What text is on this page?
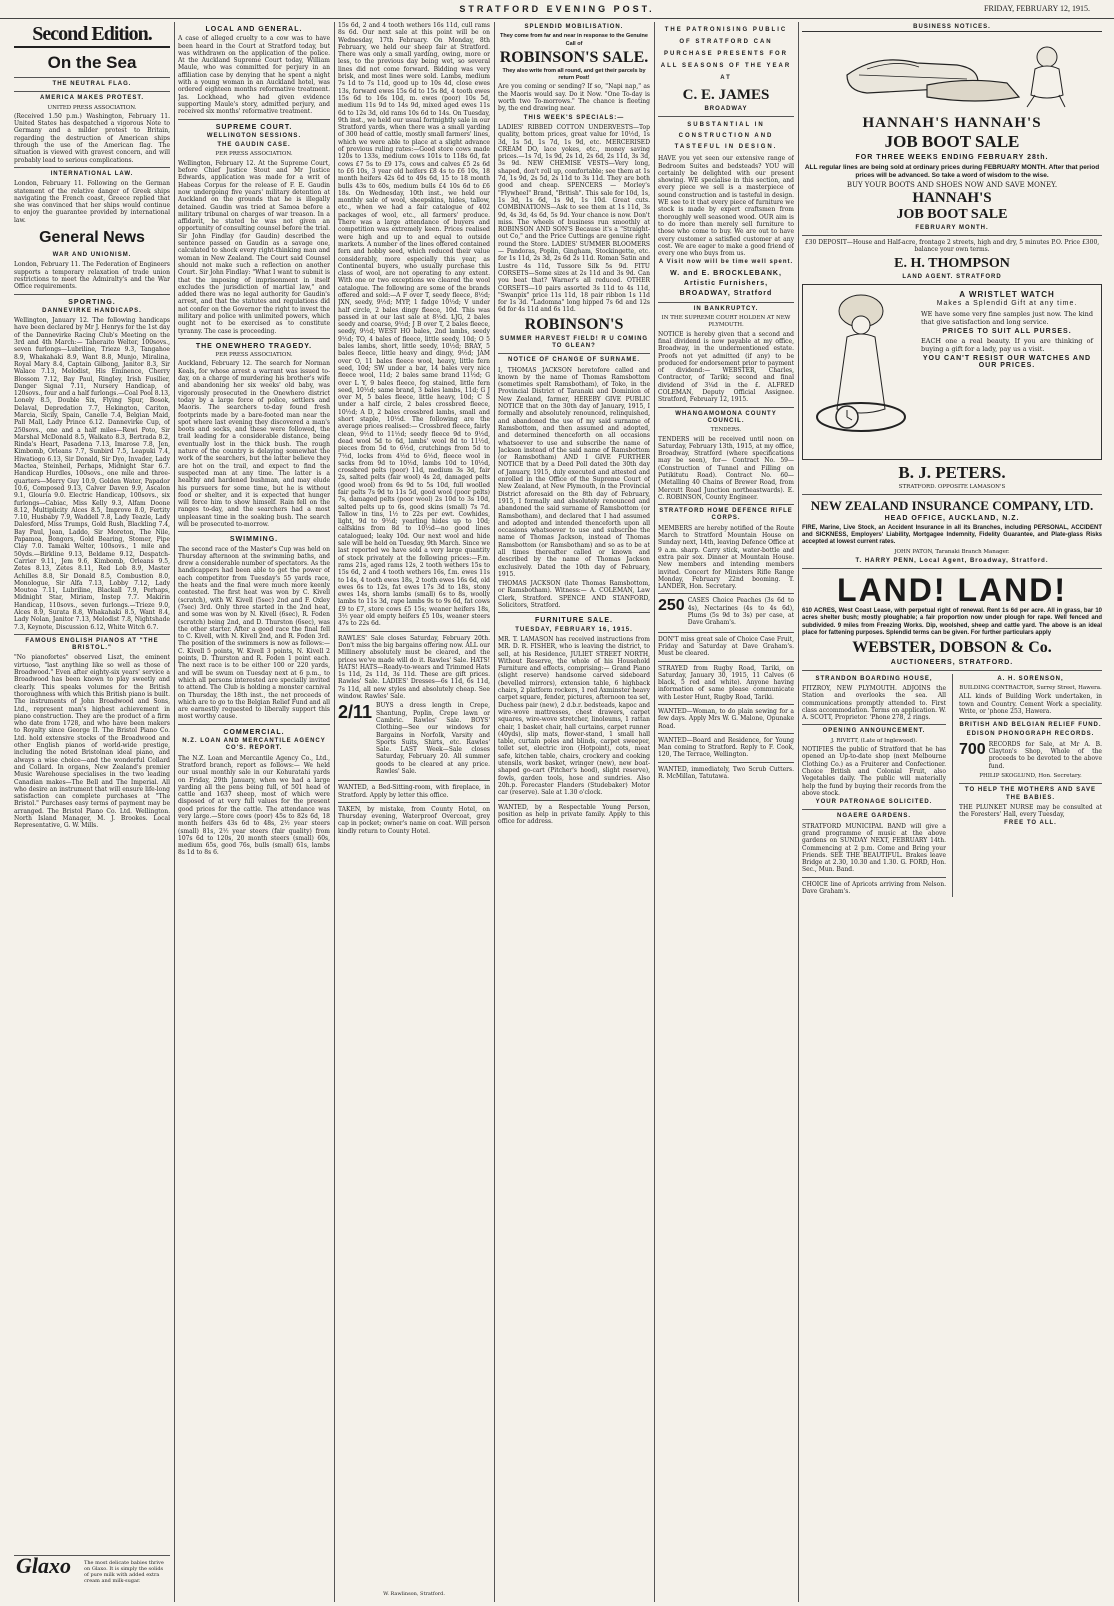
STRATFORD EVENING POST.	FRIDAY, FEBRUARY 12, 1915.
Second Edition.
On the Sea
THE NEUTRAL FLAG.
AMERICA MAKES PROTEST.
UNITED PRESS ASSOCIATION.

(Received 1.50 p.m.) Washington, February 11. United States has despatched a vigorous Note to Germany and a milder protest to Britain, regarding the destruction of American ships through the use of the American flag. The situation is viewed with gravest concern, and will probably lead to serious complications.

INTERNATIONAL LAW.

London, February 11. Following on the German statement of the relative danger of Greek ships navigating the French coast, Greece replied that she was convinced that her ships would continue to enjoy the guarantee provided by international law.

General News
WAR AND UNIONISM.

London, February 11. The Federation of Engineers supports a temporary relaxation of trade union restrictions to meet the Admiralty's and the War Office requirements.

SPORTING.
DANNEVIRKE HANDICAPS.

Wellington, January 12. The following handicaps have been declared by Mr J. Henrys for the 1st day of the Dannevirke Racing Club's Meeting on the 3rd and 4th March:— Taheraito Welter, 100sovs., seven furlongs—Lubriline, Trieze 9.3, Tangahoe 8.9, Whakahaki 8.9, Want 8.8, Munjo, Miralina, Royal Mary 8.4, Captain Gilbong, Janitor 8.3, Sir Walace 7.13, Melodist, His Eminence, Cherry Blossom 7.12, Bay Paul, Ringley, Irish Fusilier, Danger Signal 7.11, Nursery Handicap, of 120sovs., four and a half furlongs.—Coal Pool 8.13, Lonely 8.5, Double Six, Flying Spur, Bosok, Delaval, Depredation 7.7, Hekington, Cariton, Marcia, Sicily, Spain, Canelle 7.4, Belgian Maid, Pall Mall, Lady Prince 6.12. Dannevirke Cup, of 250sovs., one and a half miles—Rewi Poto, Sir Marshal McDonald 8.5, Waikato 8.3, Bertrada 8.2, Rinda's Heart, Pasadena 7.13, Imarose 7.8, Jen, Kimbomb, Orleans 7.7, Sunbird 7.5, Leapuki 7.4, Hiwatiogo 6.13, Sir Donald, Sir Dyo, Invader, Lady Mactea, Steinheil, Perhaps, Midnight Star 6.7. Handicap Hurdles, 100sovs., one mile and three-quarters—Merry Guy 10.9, Golden Water, Papador 10.6, Composed 9.13, Calver Daven 9.9, Ascalon 9.1, Glouria 9.0. Electric Handicap, 100sovs., six furlongs—Cabiac, Miss Kelly 9.3, Alfam Doone 8.12, Multiplicity Alces 8.5, Improve 8.0, Fertity 7.10, Husbaby 7.9, Waddell 7.8, Lady Teazle, Lady Dalesford, Miss Trumps, Gold Rush, Blackling 7.4, Bay Paul, Jean, Laddo, Sir Moreton, The Nile, Papamoa, Bongors, Gold Bearing, Stomer, Pipe Clay 7.0. Tamaki Welter, 100sovs., 1 mile and 50yds.—Birkline 9.13, Beldame 9.12, Despatch-Carrier 9.11, Jem 9.6, Kimbomb, Orleans 9.5, Zetes 8.13, Zetes 8.11, Red Lob 8.9, Master Achilles 8.8, Sir Donald 8.5, Combustion 8.0, Monologue, Sir Alfa 7.13, Lobby 7.12, Lady Moutoa 7.11, Lubriline, Blackall 7.9, Perhaps, Midnight Star, Miriam, Instep 7.7. Makirin Handicap, 110sovs., seven furlongs.—Trieze 9.0, Alces 8.9, Surata 8.8, Whakahaki 8.5, Want 8.4, Lady Nolan, Janitor 7.13, Melodist 7.8, Nightshade 7.3, Keynote, Discussion 6.12, White Witch 6.7.

FAMOUS ENGLISH PIANOS AT "THE BRISTOL."

"No pianofortes" observed Liszt, the eminent virtuoso, "last anything like so well as those of Broadwood." Even after eighty-six years' service a Broadwood has been known to play sweetly and clearly. This speaks volumes for the British thoroughness with which this British piano is built. The instruments of John Broadwood and Sons, Ltd., represent man's highest achievement in piano construction. They are the product of a firm who date from 1728, and who have been makers to Royalty since George II. The Bristol Piano Co. Ltd. hold extensive stocks of the Broadwood and other English pianos of world-wide prestige, including the noted Bristolnan ideal piano, and always a wise choice—and the wonderful Collard and Collard. In organs, New Zealand's premier Music Warehouse specialises in the two leading Canadian makes—The Bell and The Imperial. All who desire an instrument that will ensure life-long satisfaction can complete purchases at "The Bristol." Purchases easy terms of payment may be arranged. The Bristol Piano Co. Ltd. Wellington. North Island Manager, M. J. Brookes. Local Representative, G. W. Mills.

Glaxo	The most delicate babies thrive on Glaxo. It is simply the solids of pure milk with added extra cream and milk-sugar.
LOCAL AND GENERAL.

A case of alleged cruelty to a cow was to have been heard in the Court at Stratford today, but was withdrawn on the application of the police. At the Auckland Supreme Court today, William Maule, who was committed for perjury in an affiliation case by denying that he spent a night with a young woman in an Auckland hotel, was ordered eighteen months reformative treatment. Jas. Lockhead, who had given evidence supporting Maule's story, admitted perjury, and received six months' reformative treatment.

SUPREME COURT.
WELLINGTON SESSIONS.
THE GAUDIN CASE.
PER PRESS ASSOCIATION.

Wellington, February 12. At the Supreme Court, before Chief Justice Stout and Mr Justice Edwards, application was made for a writ of Habeas Corpus for the release of F. E. Gaudin now undergoing five years' military detention at Auckland on the grounds that he is illegally detained. Gaudin was tried at Samoa before a military tribunal on charges of war treason. In a affidavit, he stated he was not given an opportunity of consulting counsel before the trial. Sir John Findlay (for Gaudin) described the sentence passed on Gaudin as a savage one, calculated to shock every right-thinking man and woman in New Zealand. The Court said Counsel should not make such a reflection on another Court. Sir John Findlay: "What I want to submit is that the imposing of imprisonment in itself excludes the jurisdiction of martial law," and added there was no legal authority for Gaudin's arrest, and that the statutes and regulations did not confer on the Governor the right to invest the military and police with unlimited powers, which ought not to be exercised as to constitute tyranny. The case is proceeding.

THE ONEWHERO TRAGEDY.
PER PRESS ASSOCIATION.

Auckland, February 12. The search for Norman Keals, for whose arrest a warrant was issued to-day, on a charge of murdering his brother's wife and abandoning her six weeks' old baby, was vigorously prosecuted in the Onewhero district today by a large force of police, settlers and Maoris. The searchers to-day found fresh footprints made by a bare-footed man near the spot where last evening they discovered a man's boots and socks, and these were followed, the trail leading for a considerable distance, being eventually lost in the thick bush. The rough nature of the country is delaying somewhat the work of the searchers, but the latter believe they are hot on the trail, and expect to find the suspected man at any time. The latter is a healthy and hardened bushman, and may elude his pursuers for some time, but he is without food or shelter, and it is expected that hunger will force him to show himself. Rain fell on the ranges to-day, and the searchers had a most unpleasant time in the soaking bush. The search will be prosecuted to-morrow.

SWIMMING.

The second race of the Master's Cup was held on Thursday afternoon at the swimming baths, and drew a considerable number of spectators. As the handicappers had been able to get the power of each competitor from Tuesday's 55 yards race, the heats and the final were much more keenly contested. The first heat was won by C. Kivell (scratch), with W. Kivell (5sec) 2nd and F. Oxley (7sec) 3rd. Only three started in the 2nd heat, and some was won by N. Kivell (6sec), R. Foden (scratch) being 2nd, and D. Thurston (6sec), was the other starter. After a good race the final fell to C. Kivell, with N. Kivell 2nd, and R. Foden 3rd. The position of the swimmers is now as follows:—C. Kivell 5 points, W. Kivell 3 points, N. Kivell 2 points, D. Thurston and R. Foden 1 point each. The next race is to be either 100 or 220 yards, and will be swum on Tuesday next at 6 p.m., to which all persons interested are specially invited to attend. The Club is holding a monster carnival on Thursday, the 18th inst., the net proceeds of which are to go to the Belgian Relief Fund and all are earnestly requested to liberally support this most worthy cause.

COMMERCIAL.
N.Z. LOAN AND MERCANTILE AGENCY CO'S. REPORT.

The N.Z. Loan and Mercantile Agency Co., Ltd., Stratford branch, report as follows:— We held our usual monthly sale in our Kohuratahi yards on Friday, 29th January, when we had a large yarding all the pens being full, of 501 head of cattle and 1637 sheep, most of which were disposed of at very full values for the present good prices for the cattle. The attendance was very large.—Store cows (poor) 45s to 82s 6d, 18 month heifers 43s 6d to 48s, 2½ year steers (small) 81s, 2½ year steers (fair quality) from 107s 6d to 120s, 20 month steers (small) 60s, medium 65s, good 76s, bulls (small) 61s, lambs 8s 1d to 8s 6.

15s 6d, 2 and 4 tooth wethers 16s 11d, cull rams 8s 6d. Our next sale at this point will be on Wednesday, 17th February. On Monday, 8th February, we held our sheep fair at Stratford. There was only a small yarding, owing, more or less, to the previous day being wet, so several lines did not come forward. Bidding was very brisk, and most lines were sold. Lambs, medium 7s 1d to 7s 11d, good up to 10s 4d, close ewes 13s, forward ewes 15s 6d to 15s 8d, 4 tooth ewes 15s 6d to 16s 10d, m. ewes (poor) 10s 5d, medium 11s 9d to 14s 9d, mixed aged ewes 11s 6d to 12s 3d, old rams 10s 6d to 14s. On Tuesday, 9th inst., we held our usual fortnightly sale in our Stratford yards, when there was a small yarding of 300 head of cattle, mostly small farmers' lines, which we were able to place at a slight advance of previous ruling rates:—Good store cows made 120s to 133s, medium cows 101s to 118s 6d, fat cows £7 5s to £9 17s, cows and calves £5 2s 6d to £6 10s, 3 year old heifers £8 4s to £6 10s, 18 month heifers 42s 6d to 49s 6d, 15 to 18 month bulls 43s to 60s, medium bulls £4 10s 6d to £6 18s. On Wednesday, 10th inst., we held our monthly sale of wool, sheepskins, hides, tallow, etc., when we had a fair catalogue of 402 packages of wool, etc., all farmers' produce. There was a large attendance of buyers and competition was extremely keen. Prices realised were high and up to and equal to outside markets. A number of the lines offered contained fern and hobby seed, which reduced their value considerably, more especially this year, as Continental buyers, who usually purchase this class of wool, are not operating to any extent. With one or two exceptions we cleared the wool catalogue. The following are some of the brands offered and sold:—A F over T, seedy fleece, 8½d; JXN, seedy, 9½d; MYP, 1 fadge 10½d; V under half circle, 2 bales dingy fleece, 10d. This was passed in at our last sale at 8½d. LJG, 2 bales seedy and coarse, 9½d; J B over T, 2 bales fleece, seedy, 9½d; WEST HO bales, 2nd lambs, seedy 9½d; TO, 4 bales of fleece, little seedy, 10d; O 5 bales lambs, short, little seedy, 10½d; BRAY, 5 bales fleece, little heavy and dingy, 9½d; JAM over O, 11 bales fleece wool, heavy, little fern seed, 10d; SW under a bar, 14 bales very nice fleece wool, 11d; 2 bales same brand 11½d; G over L Y, 9 bales fleece, fog stained, little fern seed, 10½d; same brand, 3 bales lambs, 11d; G J over M, 5 bales fleece, little heavy, 10d; C S under a half circle, 2 bales crossbred fleece, 10½d; A D, 2 bales crossbred lambs, small and short staple, 10½d. The following are the average prices realised:— Crossbred fleece, fairly clean, 9½d to 11½d; seedy fleece 9d to 9½d, dead wool 5d to 6d, lambs' wool 8d to 11½d, pieces from 5d to 6½d, crutchings from 5d to 7½d, locks from 4½d to 6½d, fleece wool in sacks from 9d to 10½d, lambs 10d to 10½d, crossbred pelts (poor) 11d, medium 3s 3d, fair 2s, salted pelts (fair wool) 4s 2d, damaged pelts (good wool) from 6s 9d to 5s 10d, full woolled fair pelts 7s 9d to 11s 5d, good wool (poor pelts) 7s, damaged pelts (poor wool) 2s 10d to 3s 10d, salted pelts up to 6s, good skins (small) 7s 7d. Tallow in tins, 1½ to 22s per ewt. Cowhides, light, 9d to 9½d; yearling hides up to 10d; calfskins from 8d to 10½d—no good lines catalogued; leaky 10d. Our next wool and hide sale will be held on Tuesday, 9th March. Since we last reported we have sold a very large quantity of stock privately at the following prices:—F.m. rams 21s, aged rams 12s, 2 tooth wethers 15s to 15s 6d, 2 and 4 tooth wethers 16s, f.m. ewes 11s to 14s, 4 tooth ewes 18s, 2 tooth ewes 16s 6d, old ewes 6s to 12s, fat ewes 17s 3d to 18s, stony ewes 14s, shorn lambs (small) 6s to 8s, woolly lambs to 11s 3d, rape lambs 9s to 9s 6d, fat cows £9 to £7, store cows £5 15s; weaner heifers 18s, 3½ year old empty heifers £5 10s, weaner steers 47s to 22s 6d.

RAWLES' Sale closes Saturday, February 20th. Don't miss the big bargains offering now. ALL our Millinery absolutely must be cleared, and the prices we've made will do it. Rawles' Sale. HATS! HATS! HATS—Ready-to-wears and Trimmed Hats 1s 11d, 2s 11d, 3s 11d. These are gift prices. Rawles' Sale. LADIES' Dresses—6s 11d, 6s 11d, 7s 11d, all new styles and absolutely cheap. See window. Rawles' Sale.

2/11 BUYS a dress length in Crepe, Shantung, Poplin, Crepe lawn or Cambric. Rawles' Sale. BOYS' Clothing—See our windows for Bargains in Norfolk, Varsity and Sports Suits, Shirts, etc. Rawles' Sale. LAST Week—Sale closes Saturday, February 20. All summer goods to be cleared at any price. Rawles' Sale.

WANTED, a Bed-Sitting-room, with fireplace, in Stratford. Apply by letter this office.

TAKEN, by mistake, from County Hotel, on Thursday evening, Waterproof Overcoat, grey cap in pocket; owner's name on coat. Will person kindly return to County Hotel.

W. Rawlinson, Stratford.
SPLENDID MOBILISATION.
They come from far and near in response to the Genuine Call of
ROBINSON'S SALE.
They also write from all round, and get their parcels by return Post!

Are you coming or sending? If so, "Napi nap," as the Maoris would say. Do it Now. "One To-day is worth two To-morrows." The chance is fleeting by, the end drawing near.

THIS WEEK'S SPECIALS:—

LADIES' RIBBED COTTON UNDERVESTS—Top quality, bottom prices, great value for 10½d, 1s 3d, 1s 5d, 1s 7d, 1s 9d, etc. MERCERISED CREAM DO, lace yokes, etc., money saving prices.—1s 7d, 1s 9d, 2s 1d, 2s 6d, 2s 11d, 3s 3d, 3s 9d. NEW CHEMISE VESTS—Very long, shaped, don't roll up, comfortable; see them at 1s 7d, 1s 9d, 2s 5d, 2s 11d to 3s 11d. They are both good and cheap. SPENCERS — Morley's "Flywheel" Brand, "British". This sale for 10d, 1s, 1s 3d, 1s 6d, 1s 9d, 1s 10d. Great cuts. COMBINATIONS—Ask to see them at 1s 11d, 3s 9d, 4s 3d, 4s 6d, 5s 9d. Your chance is now. Don't miss. The wheels of business run smoothly at ROBINSON AND SON'S Because it's a "Straight-out Co," and the Price Cuttings are genuine right round the Store. LADIES' SUMMER BLOOMERS— Pandoras, Poplin, Gingham, Stockingette, etc. for 1s 11d, 2s 3d, 2s 6d 2s 11d. Roman Satin and Lustre 4s 11d, Tussore Silk 5s 9d. FITU CORSETS—Some sizes at 2s 11d and 3s 9d. Can you beat that? Warner's all reduced. OTHER CORSETS—10 pairs assorted 3s 11d to 4s 11d, "Swanpix" price 11s 11d, 18 pair ribbon 1s 11d for 1s 3d. "Ladomna" long hipped 7s 6d and 12s 6d for 4s 11d and 6s 11d.

ROBINSON'S
SUMMER HARVEST FIELD! R U COMING TO GLEAN?
NOTICE OF CHANGE OF SURNAME.

I, THOMAS JACKSON heretofore called and known by the name of Thomas Ramsbottom (sometimes spelt Ramsbotham), of Toko, in the Provincial District of Taranaki and Dominion of New Zealand, farmer, HEREBY GIVE PUBLIC NOTICE that on the 30th day of January, 1915, I formally and absolutely renounced, relinquished, and abandoned the use of my said surname of Ramsbottom, and then assumed and adopted, and determined thenceforth on all occasions whatsoever to use and subscribe the name of Jackson instead of the said name of Ramsbottom (or Ramsbotham) AND I GIVE FURTHER NOTICE that by a Deed Poll dated the 30th day of January, 1915, duly executed and attested and enrolled in the Office of the Supreme Court of New Zealand, at New Plymouth, in the Provincial District aforesaid on the 8th day of February, 1915, I formally and absolutely renounced and abandoned the said surname of Ramsbottom (or Ramsbotham), and declared that I had assumed and adopted and intended thenceforth upon all occasions whatsoever to use and subscribe the name of Thomas Jackson, instead of Thomas Ramsbottom (or Ramsbotham) and so as to be at all times thereafter called or known and described by the name of Thomas Jackson exclusively. Dated the 10th day of February, 1915.

THOMAS JACKSON (late Thomas Ramsbottom, or Ramsbotham). Witness:— A. COLEMAN, Law Clerk, Stratford. SPENCE AND STANFORD, Solicitors, Stratford.

FURNITURE SALE.
TUESDAY, FEBRUARY 16, 1915.

MR. T. LAMASON has received instructions from MR. D. R. FISHER, who is leaving the district, to sell, at his Residence, JULIET STREET NORTH, Without Reserve, the whole of his Household Furniture and effects, comprising:— Grand Piano (slight reserve) handsome carved sideboard (bevelled mirrors), extension table, 6 highback chairs, 2 platform rockers, 1 red Axminster heavy carpet square, fender, pictures, afternoon tea set, Duchess pair (new), 2 d.b.r. bedsteads, kapoc and wire-wove mattresses, chest drawers, carpet squares, wire-wove stretcher, linoleums, 1 rattan chair, 1 basket chair, hall curtains, carpet runner (40yds), slip mats, flower-stand, 1 small hall table, curtain poles and blinds, carpet sweeper, toilet set, electric iron (Hotpoint), cots, meat safe, kitchen table, chairs, crockery and cooking utensils, work basket, wringer (new), new boat-shaped go-cart (Pitcher's hood), slight reserve), fowls, garden tools, hose and sundries. Also 20h.p. Forecaster Flanders (Studebaker) Motor car (reserve). Sale at 1.30 o'clock.

WANTED, by a Respectable Young Person, position as help in private family. Apply to this office for address.

THE PATRONISING PUBLIC OF STRATFORD CAN PURCHASE PRESENTS FOR ALL SEASONS OF THE YEAR AT
C. E. JAMES
BROADWAY
SUBSTANTIAL IN CONSTRUCTION AND TASTEFUL IN DESIGN.

HAVE you yet seen our extensive range of Bedroom Suites and bedsteads? YOU will certainly be delighted with our present showing. WE specialise in this section, and every piece we sell is a masterpiece of sound construction and is tasteful in design. WE see to it that every piece of furniture we stock is made by expert craftsmen from thoroughly well seasoned wood. OUR aim is to do more than merely sell furniture to those who come to buy. We are out to have every customer a satisfied customer at any cost. We are eager to make a good friend of every one who buys from us.

A Visit now will be time well spent.
W. and E. BROCKLEBANK, Artistic Furnishers, BROADWAY, Stratford
IN BANKRUPTCY.
IN THE SUPREME COURT HOLDEN AT NEW PLYMOUTH.

NOTICE is hereby given that a second and final dividend is now payable at my office, Broadway, in the undermentioned estate. Proofs not yet admitted (if any) to be produced for endorsement prior to payment of dividend:— WEBSTER, Charles, Contractor, of Tariki; second and final dividend of 3¼d in the £. ALFRED COLEMAN, Deputy Official Assignee. Stratford, February 12, 1915.

WHANGAMOMONA COUNTY COUNCIL.
TENDERS.

TENDERS will be received until noon on Saturday, February 13th, 1915, at my office, Broadway, Stratford (where specifications may be seen), for— Contract No. 59—(Construction of Tunnel and Filling on Putikitutu Road). Contract No. 60—(Metalling 40 Chains of Brewer Road, from Mercutt Road Junction northeastwards). E. C. ROBINSON, County Engineer.

STRATFORD HOME DEFENCE RIFLE CORPS.

MEMBERS are hereby notified of the Route March to Stratford Mountain House on Sunday next, 14th, leaving Defence Office at 9 a.m. sharp. Carry stick, water-bottle and extra pair sox. Dinner at Mountain House. New members and intending members invited. Concert for Ministers Rifle Range Monday, February 22nd booming. T. LANDER, Hon. Secretary.

250 CASES Choice Peaches (3s 6d to 4s), Nectarines (4s to 4s 6d), Plums (5s 9d to 3s) per case, at Dave Graham's.

DON'T miss great sale of Choice Case Fruit, Friday and Saturday at Dave Graham's. Must be cleared.

STRAYED from Rugby Road, Tariki, on Saturday, January 30, 1915, 11 Calves (6 black, 5 red and white). Anyone having information of same please communicate with Lester Hunt, Rugby Road, Tariki.

WANTED—Woman, to do plain sewing for a few days. Apply Mrs W. G. Malone, Opunake Road.

WANTED—Board and Residence, for Young Man coming to Stratford. Reply to F. Cook, 120, The Terrace, Wellington.

WANTED, immediately, Two Scrub Cutters. R. McMillan, Tatutawa.

BUSINESS NOTICES.
HANNAH'S HANNAH'S
JOB BOOT SALE
FOR THREE WEEKS ENDING FEBRUARY 28th.

ALL regular lines are being sold at ordinary prices during FEBRUARY MONTH. After that period prices will be advanced. So take a word of wisdom to the wise.

BUY YOUR BOOTS AND SHOES NOW AND SAVE MONEY.
HANNAH'S
JOB BOOT SALE
FEBRUARY MONTH.

£30 DEPOSIT—House and Half-acre, frontage 2 streets, high and dry, 5 minutes P.O. Price £300, balance your own terms.

E. H. THOMPSON
LAND AGENT. STRATFORD
A WRISTLET WATCH
Makes a Splendid Gift at any time.

WE have some very fine samples just now. The kind that give satisfaction and long service.

PRICES TO SUIT ALL PURSES.

EACH one a real beauty. If you are thinking of buying a gift for a lady, pay us a visit.

YOU CAN'T RESIST OUR WATCHES AND OUR PRICES.
B. J. PETERS.
STRATFORD. OPPOSITE LAMASON'S
NEW ZEALAND INSURANCE COMPANY, LTD.
HEAD OFFICE, AUCKLAND, N.Z.

FIRE, Marine, Live Stock, an Accident Insurance in all its Branches, including PERSONAL, ACCIDENT and SICKNESS, Employers' Liability, Mortgagee Indemnity, Fidelity Guarantee, and Plate-glass Risks accepted at lowest current rates.

JOHN PATON, Taranaki Branch Manager.
T. HARRY PENN, Local Agent, Broadway, Stratford.
LAND! LAND!

610 ACRES, West Coast Lease, with perpetual right of renewal. Rent 1s 6d per acre. All in grass, bar 10 acres shelter bush; mostly ploughable; a fair proportion now under plough for rape. Well fenced and subdivided. 9 miles from Freezing Works. Dip, woolshed, sheep and cattle yard. The above is an ideal place for fattening purposes. Splendid terms can be given. For further particulars apply

WEBSTER, DOBSON & Co.
AUCTIONEERS, STRATFORD.
STRANDON BOARDING HOUSE,

FITZROY, NEW PLYMOUTH. ADJOINS the Station and overlooks the sea. All communications promptly attended to. First class accommodation. Terms on application. W. A. SCOTT, Proprietor. 'Phone 278, 2 rings.

OPENING ANNOUNCEMENT.
J. RIVETT, (Late of Inglewood).

NOTIFIES the public of Stratford that he has opened an Up-to-date shop (next Melbourne Clothing Co.) as a Fruiterer and Confectioner. Choice British and Colonial Fruit, also Vegetables daily. The public will materially help the fund by buying their records from the above stock.

YOUR PATRONAGE SOLICITED.
NGAERE GARDENS.

STRATFORD MUNICIPAL BAND will give a grand programme of music at the above gardens on SUNDAY NEXT, FEBRUARY 14th. Commencing at 2 p.m. Come and Bring your Friends. SEE THE BEAUTIFUL. Brakes leave Bridge at 2.30, 10.30 and 1.30. G. FORD, Hon. Sec., Mun. Band.

CHOICE line of Apricots arriving from Nelson. Dave Graham's.

A. H. SORENSON,
BUILDING CONTRACTOR, Surrey Street, Hawera.

ALL kinds of Building Work undertaken, in town and Country. Cement Work a speciality. Write, or 'phone 253, Hawera.

BRITISH AND BELGIAN RELIEF FUND.
EDISON PHONOGRAPH RECORDS.
700 RECORDS for Sale, at Mr A. B. Clayton's Shop, Whole of the proceeds to be devoted to the above fund.

PHILIP SKOGLUND, Hon. Secretary.
TO HELP THE MOTHERS AND SAVE THE BABIES.

THE PLUNKET NURSE may be consulted at the Foresters' Hall, every Tuesday,

FREE TO ALL.
